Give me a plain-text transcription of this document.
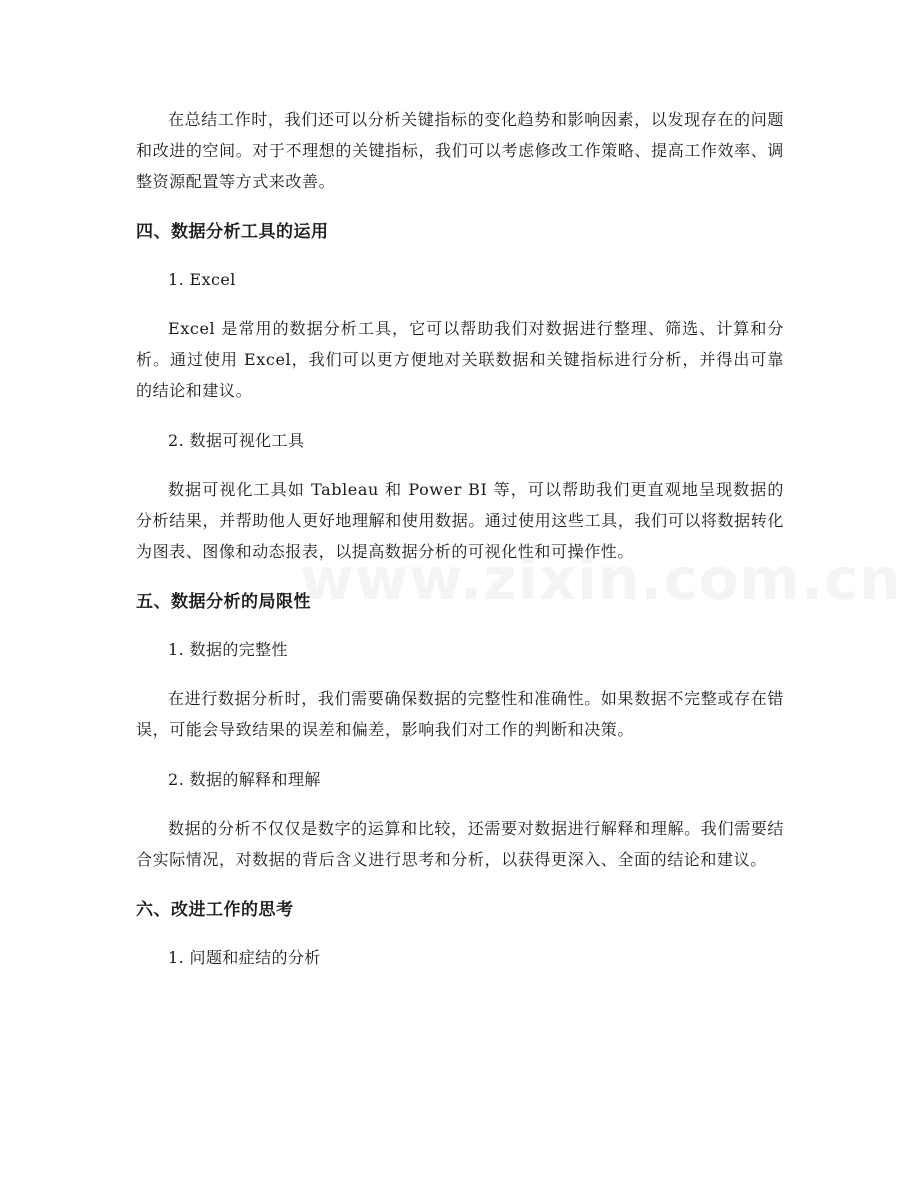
在总结工作时，我们还可以分析关键指标的变化趋势和影响因素，以发现存在的问题和改进的空间。对于不理想的关键指标，我们可以考虑修改工作策略、提高工作效率、调整资源配置等方式来改善。

四、数据分析工具的运用
1. Excel

Excel 是常用的数据分析工具，它可以帮助我们对数据进行整理、筛选、计算和分析。通过使用 Excel，我们可以更方便地对关联数据和关键指标进行分析，并得出可靠的结论和建议。

2. 数据可视化工具

数据可视化工具如 Tableau 和 Power BI 等，可以帮助我们更直观地呈现数据的分析结果，并帮助他人更好地理解和使用数据。通过使用这些工具，我们可以将数据转化为图表、图像和动态报表，以提高数据分析的可视化性和可操作性。

五、数据分析的局限性
1. 数据的完整性

在进行数据分析时，我们需要确保数据的完整性和准确性。如果数据不完整或存在错误，可能会导致结果的误差和偏差，影响我们对工作的判断和决策。

2. 数据的解释和理解

数据的分析不仅仅是数字的运算和比较，还需要对数据进行解释和理解。我们需要结合实际情况，对数据的背后含义进行思考和分析，以获得更深入、全面的结论和建议。

六、改进工作的思考
1. 问题和症结的分析
